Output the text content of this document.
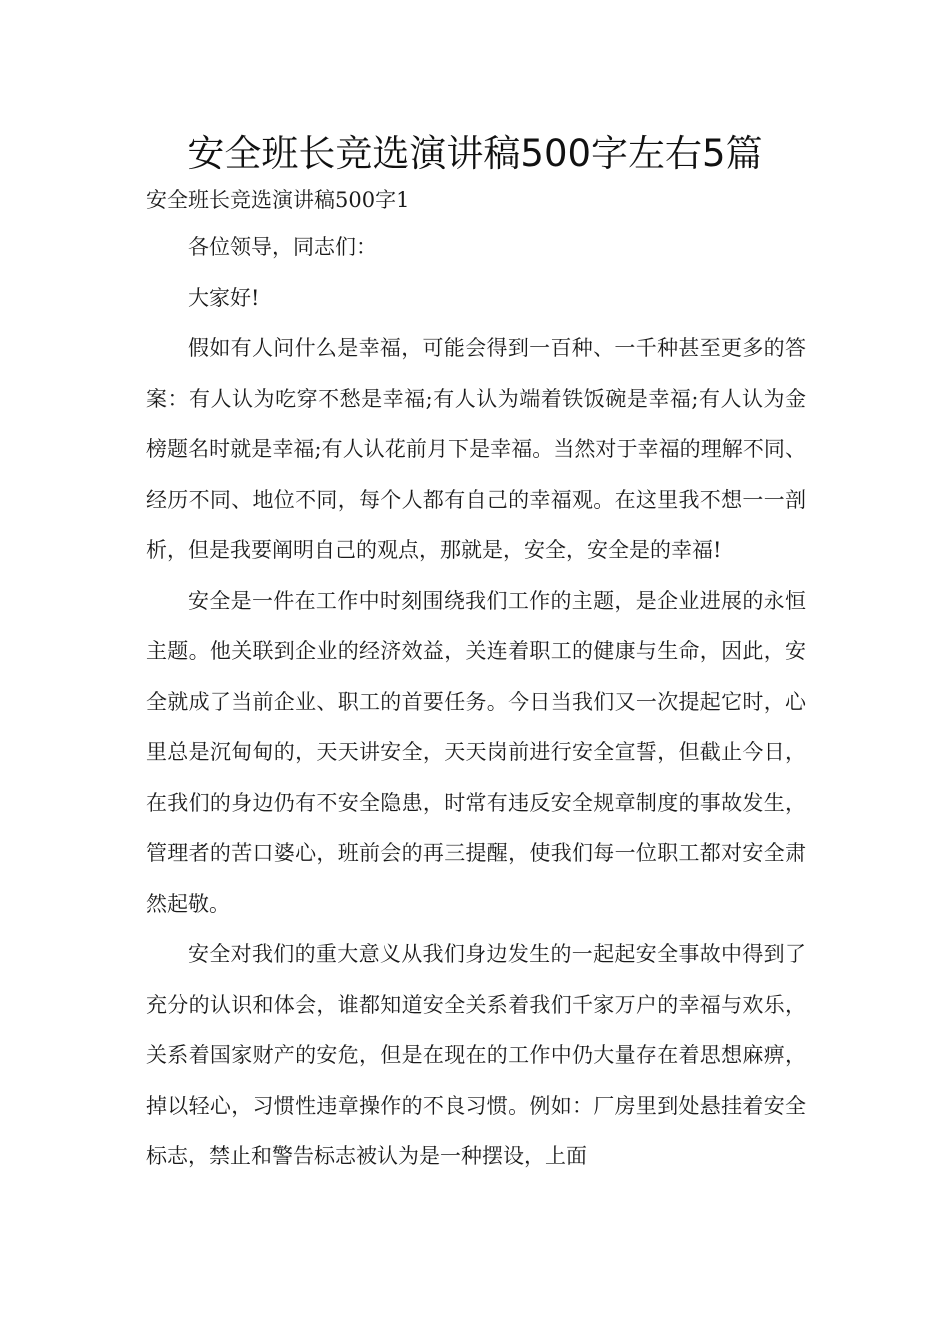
安全班长竞选演讲稿500字左右5篇

安全班长竞选演讲稿500字1

各位领导，同志们：

大家好!

假如有人问什么是幸福，可能会得到一百种、一千种甚至更多的答案：有人认为吃穿不愁是幸福;有人认为端着铁饭碗是幸福;有人认为金榜题名时就是幸福;有人认花前月下是幸福。当然对于幸福的理解不同、经历不同、地位不同，每个人都有自己的幸福观。在这里我不想一一剖析，但是我要阐明自己的观点，那就是，安全，安全是的幸福!

安全是一件在工作中时刻围绕我们工作的主题，是企业进展的永恒主题。他关联到企业的经济效益，关连着职工的健康与生命，因此，安全就成了当前企业、职工的首要任务。今日当我们又一次提起它时，心里总是沉甸甸的，天天讲安全，天天岗前进行安全宣誓，但截止今日，在我们的身边仍有不安全隐患，时常有违反安全规章制度的事故发生，管理者的苦口婆心，班前会的再三提醒，使我们每一位职工都对安全肃然起敬。

安全对我们的重大意义从我们身边发生的一起起安全事故中得到了充分的认识和体会，谁都知道安全关系着我们千家万户的幸福与欢乐，关系着国家财产的安危，但是在现在的工作中仍大量存在着思想麻痹，掉以轻心，习惯性违章操作的不良习惯。例如：厂房里到处悬挂着安全标志，禁止和警告标志被认为是一种摆设，上面
